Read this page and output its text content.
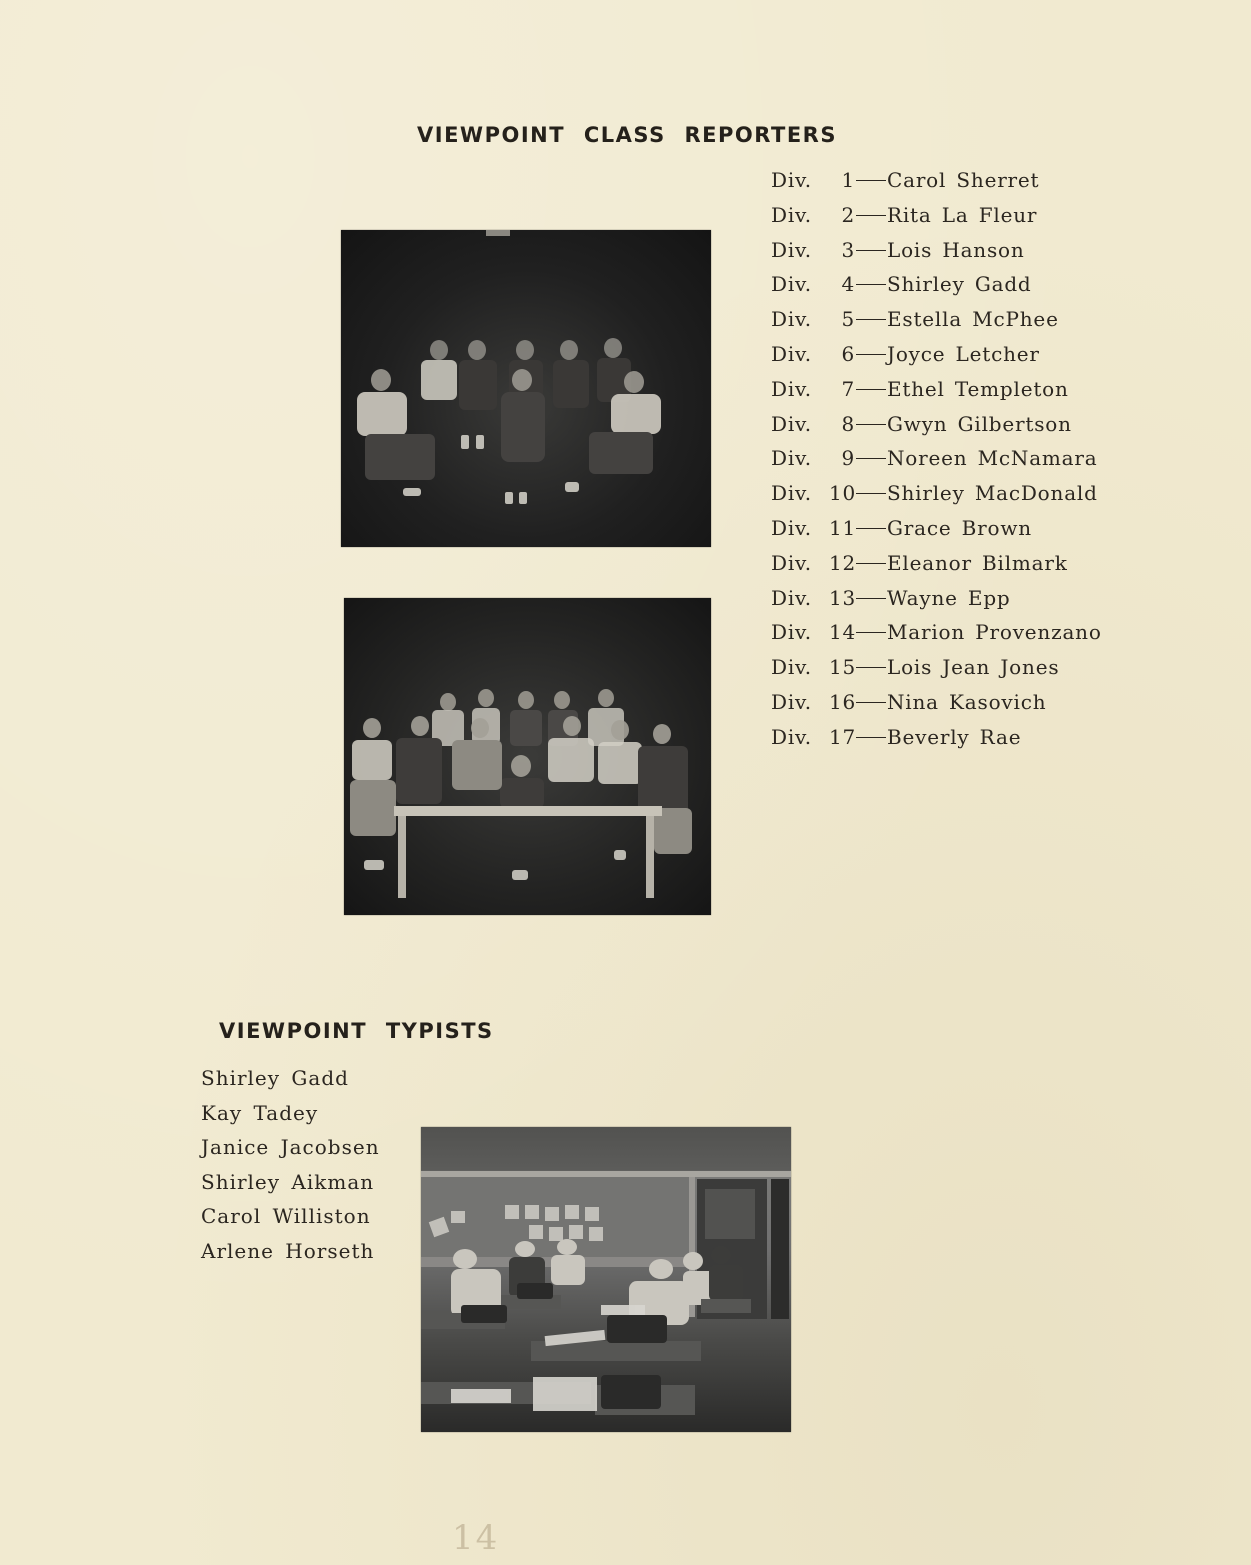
VIEWPOINT CLASS REPORTERS
Div.	1 Carol Sherret
Div.	2 Rita La Fleur
Div.	3 Lois Hanson
Div.	4 Shirley Gadd
Div.	5 Estella McPhee
Div.	6 Joyce Letcher
Div.	7 Ethel Templeton
Div.	8 Gwyn Gilbertson
Div.	9 Noreen McNamara
Div. 10 Shirley MacDonald
Div. 11 Grace Brown
Div. 12 Eleanor Bilmark
Div. 13 Wayne Epp
Div. 14 Marion Provenzano
Div. 15 Lois Jean Jones
Div. 16 Nina Kasovich
Div. 17 Beverly Rae
VIEWPOINT TYPISTS
Shirley Gadd
Kay Tadey
Janice Jacobsen
Shirley Aikman
Carol Williston
Arlene Horseth
14
